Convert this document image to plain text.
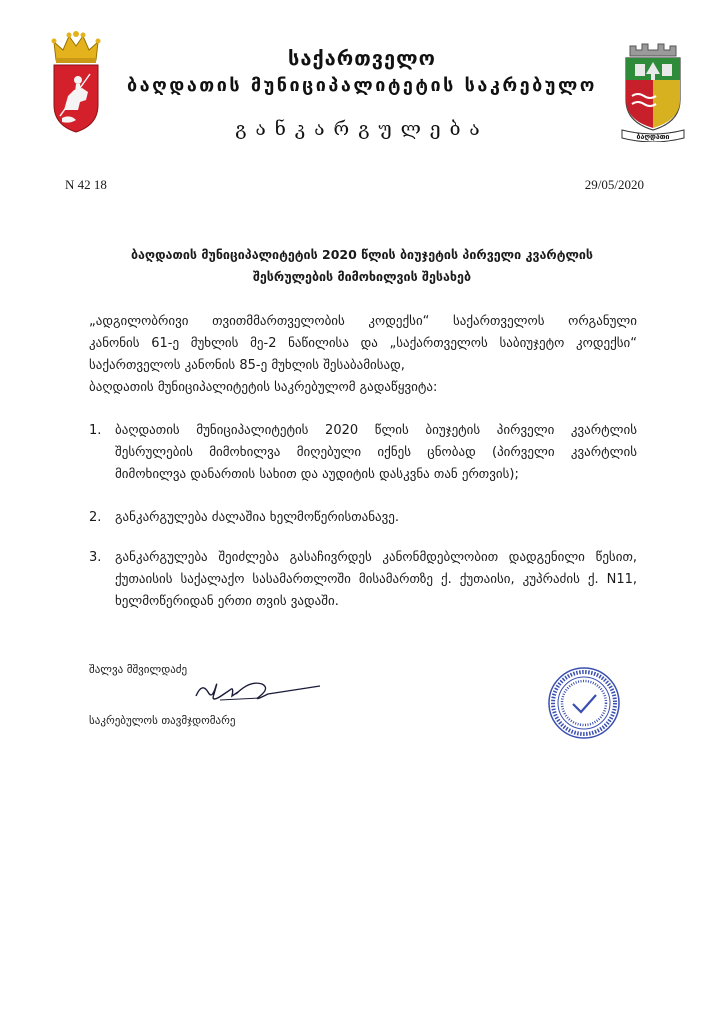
ბაღდათი
საქართველო
ბაღდათის მუნიციპალიტეტის საკრებულო
განკარგულება
N 42 18	29/05/2020
ბაღდათის მუნიციპალიტეტის 2020 წლის ბიუჯეტის პირველი კვარტლის
შესრულების მიმოხილვის შესახებ
„ადგილობრივი თვითმმართველობის კოდექსი“ საქართველოს ორგანული
კანონის 61-ე მუხლის მე-2 ნაწილისა და „საქართველოს საბიუჯეტო კოდექსი“
საქართველოს კანონის 85-ე მუხლის შესაბამისად,
ბაღდათის მუნიციპალიტეტის საკრებულომ გადაწყვიტა:
1.	ბაღდათის მუნიციპალიტეტის 2020 წლის ბიუჯეტის პირველი კვარტლის შესრულების მიმოხილვა მიღებული იქნეს ცნობად (პირველი კვარტლის მიმოხილვა დანართის სახით და აუდიტის დასკვნა თან ერთვის);
2.	განკარგულება ძალაშია ხელმოწერისთანავე.
3.	განკარგულება შეიძლება გასაჩივრდეს კანონმდებლობით დადგენილი წესით, ქუთაისის საქალაქო სასამართლოში მისამართზე ქ. ქუთაისი, კუპრაძის ქ. N11, ხელმოწერიდან ერთი თვის ვადაში.
შალვა მშვილდაძე
საკრებულოს თავმჯდომარე
